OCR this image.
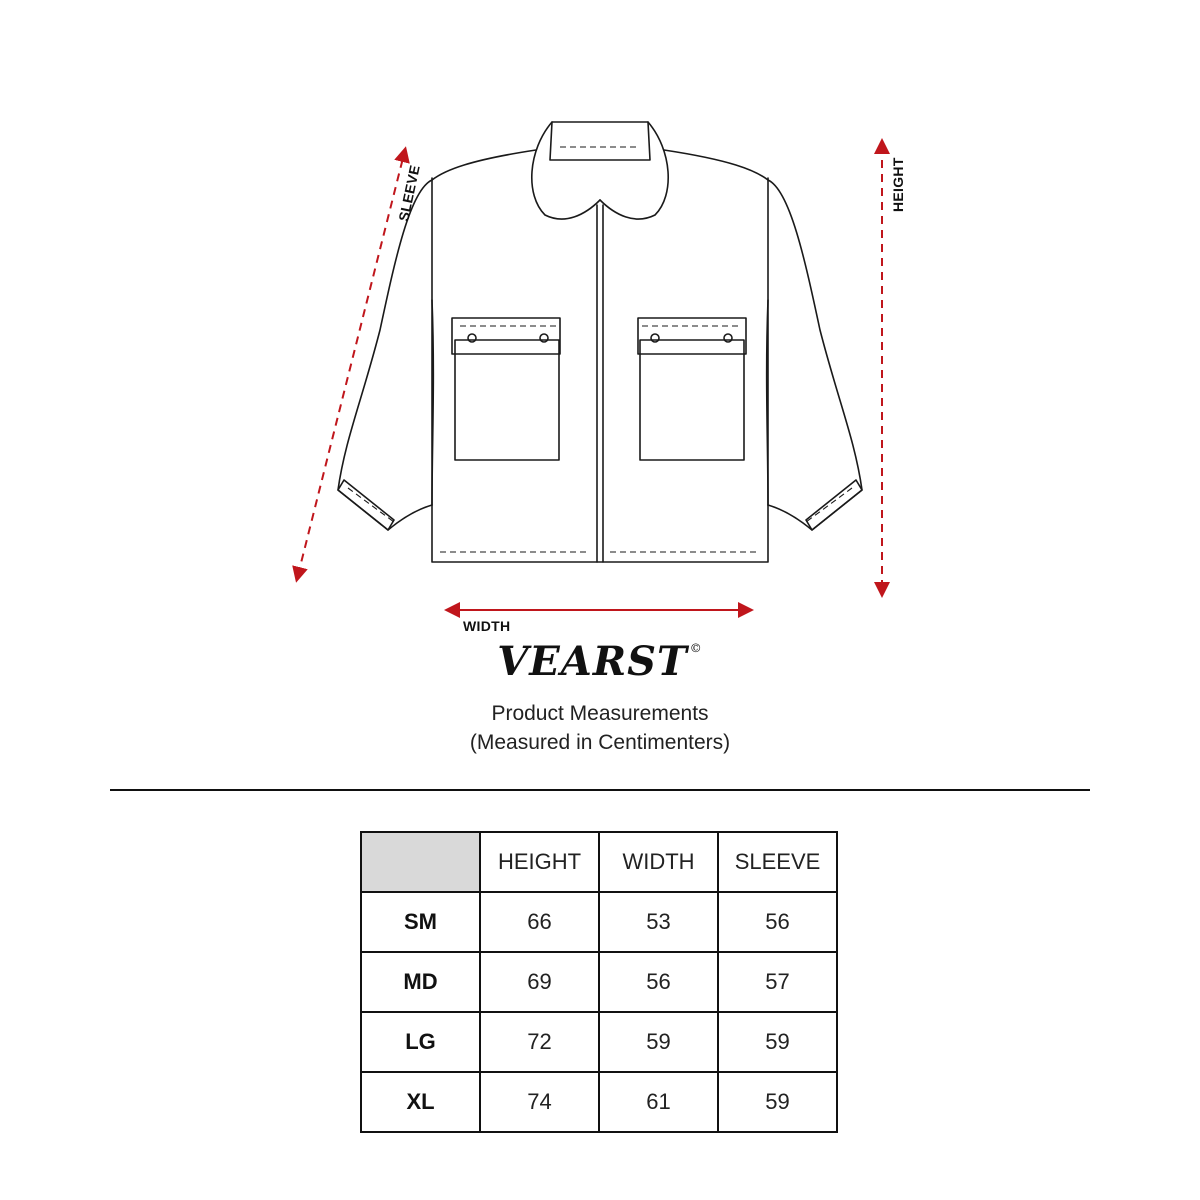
SLEEVE	HEIGHT
WIDTH
VEARST ©
Product Measurements
(Measured in Centimenters)
	HEIGHT	WIDTH	SLEEVE
SM	66	53	56
MD	69	56	57
LG	72	59	59
XL	74	61	59
